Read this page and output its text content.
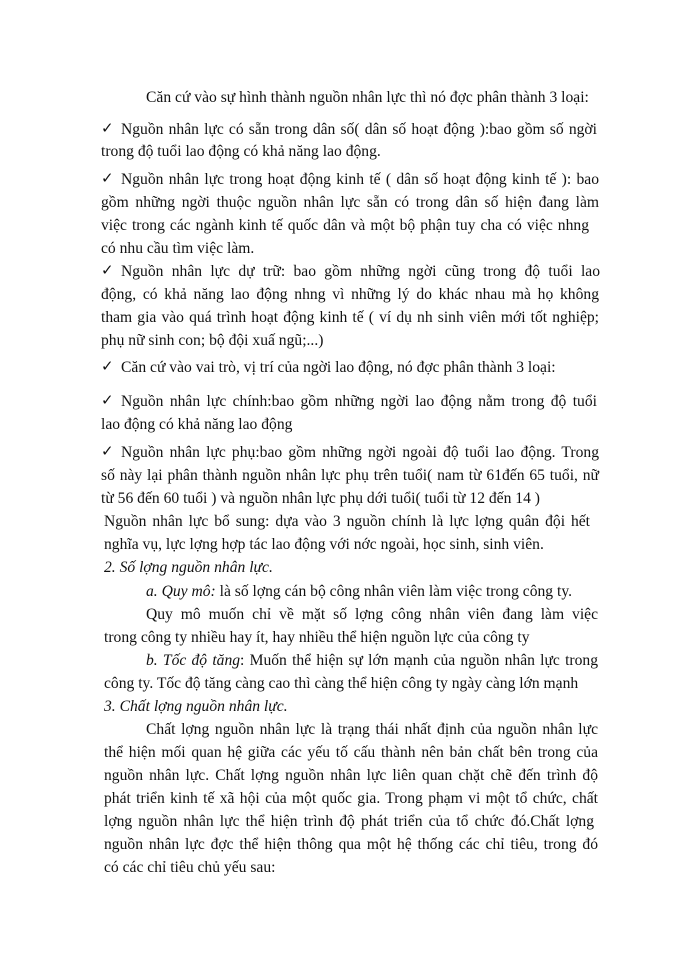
Căn cứ vào sự hình thành nguồn nhân lực thì nó đợc phân thành 3 loại:
✓ Nguồn nhân lực có sẵn trong dân số( dân số hoạt động ):bao gồm số ngời
trong độ tuổi lao động có khả năng lao động.
✓ Nguồn nhân lực trong hoạt động kinh tế ( dân số hoạt động kinh tế ): bao
gồm những ngời thuộc nguồn nhân lực sẵn có trong dân số hiện đang làm
việc trong các ngành kinh tế quốc dân và một bộ phận tuy cha có việc nhng
có nhu cầu tìm việc làm.
✓ Nguồn nhân lực dự trữ: bao gồm những ngời cũng trong độ tuổi lao
động, có khả năng lao động nhng vì những lý do khác nhau mà họ không
tham gia vào quá trình hoạt động kinh tế ( ví dụ nh sinh viên mới tốt nghiệp;
phụ nữ sinh con; bộ đội xuấ ngũ;...)
✓ Căn cứ vào vai trò, vị trí của ngời lao động, nó đợc phân thành 3 loại:
✓ Nguồn nhân lực chính:bao gồm những ngời lao động nằm trong độ tuổi
lao động có khả năng lao động
✓ Nguồn nhân lực phụ:bao gồm những ngời ngoài độ tuổi lao động. Trong
số này lại phân thành nguồn nhân lực phụ trên tuổi( nam từ 61đến 65 tuổi, nữ
từ 56 đến 60 tuổi ) và nguồn nhân lực phụ dới tuổi( tuổi từ 12 đến 14 )
Nguồn nhân lực bổ sung: dựa vào 3 nguồn chính là lực lợng quân đội hết
nghĩa vụ, lực lợng hợp tác lao động với nớc ngoài, học sinh, sinh viên.
2. Số lợng nguồn nhân lực.
a. Quy mô: là số lợng cán bộ công nhân viên làm việc trong công ty.
Quy mô muốn chỉ về mặt số lợng công nhân viên đang làm việc
trong công ty nhiều hay ít, hay nhiều thể hiện nguồn lực của công ty
b. Tốc độ tăng: Muốn thể hiện sự lớn mạnh của nguồn nhân lực trong
công ty. Tốc độ tăng càng cao thì càng thể hiện công ty ngày càng lớn mạnh
3. Chất lợng nguồn nhân lực.
Chất lợng nguồn nhân lực là trạng thái nhất định của nguồn nhân lực
thể hiện mối quan hệ giữa các yếu tố cấu thành nên bản chất bên trong của
nguồn nhân lực. Chất lợng nguồn nhân lực liên quan chặt chẽ đến trình độ
phát triển kinh tế xã hội của một quốc gia. Trong phạm vi một tổ chức, chất
lợng nguồn nhân lực thể hiện trình độ phát triển của tổ chức đó.Chất lợng
nguồn nhân lực đợc thể hiện thông qua một hệ thống các chỉ tiêu, trong đó
có các chỉ tiêu chủ yếu sau:
